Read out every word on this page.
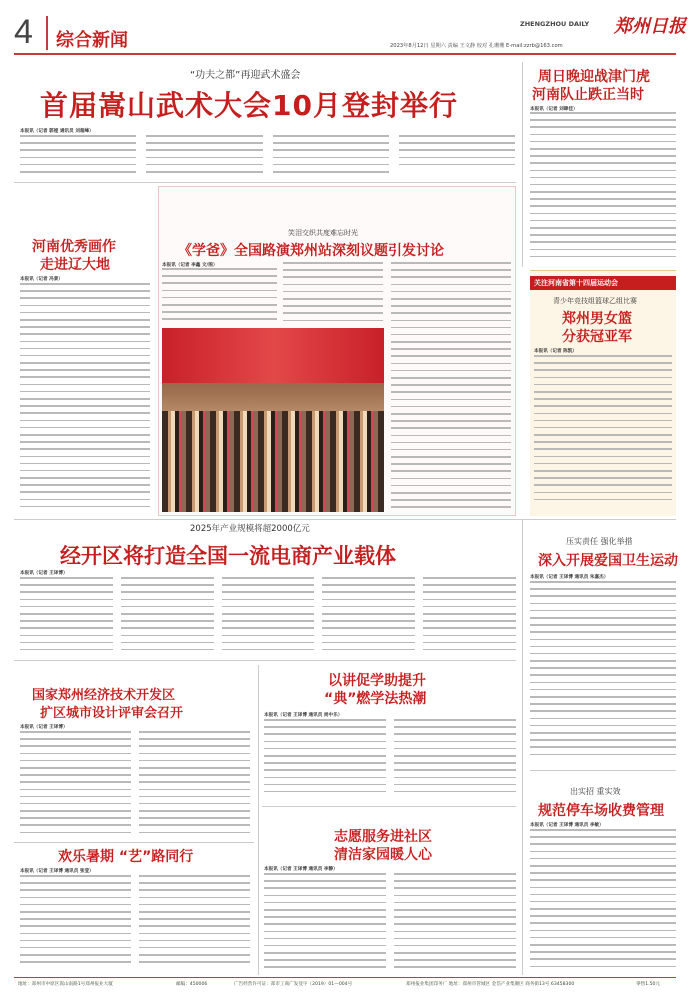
4 综合新闻
ZHENGZHOU DAILY 郑州日报
2023年8月12日 星期六 责编 王文静 校对 孔珊珊 E-mail:zzrb@163.com
“功夫之都”再迎武术盛会
首届嵩山武术大会10月登封举行
本报讯（记者 郭娅 通讯员 刘超峰）
周日晚迎战津门虎
河南队止跌正当时
本报讯（记者 刘肆佳）
河南优秀画作
走进辽大地
本报讯（记者 冯景）
笑泪交织共度难忘时光
《学爸》全国路演郑州站深刻议题引发讨论
本报讯（记者 李鑫 文/图）
关注河南省第十四届运动会
青少年竞技组篮球乙组比赛
郑州男女篮
分获冠亚军
本报讯（记者 陈凯）
2025年产业规模将超2000亿元
经开区将打造全国一流电商产业载体
本报讯（记者 王译博）
压实责任 强化举措
深入开展爱国卫生运动
本报讯（记者 王译博 通讯员 朱嘉杰）
国家郑州经济技术开发区
扩区城市设计评审会召开
本报讯（记者 王译博）
以讲促学助提升
“典”燃学法热潮
本报讯（记者 王译博 通讯员 尚中乐）
欢乐暑期 “艺”路同行
本报讯（记者 王译博 通讯员 张莹）
志愿服务进社区
清洁家园暖人心
本报讯（记者 王译博 通讯员 李静）
出实招 重实效
规范停车场收费管理
本报讯（记者 王译博 通讯员 李敏）
地址：郑州市中原区嵩山南路1号郑州报业大厦	邮编：450006	广告经营许可证：郑市工商广发登字（2019）01—004号	郑州报业集团印务厂 地址：郑州市管城区 金岱产业集聚区 商务街13号 63458300	零售1.50元
